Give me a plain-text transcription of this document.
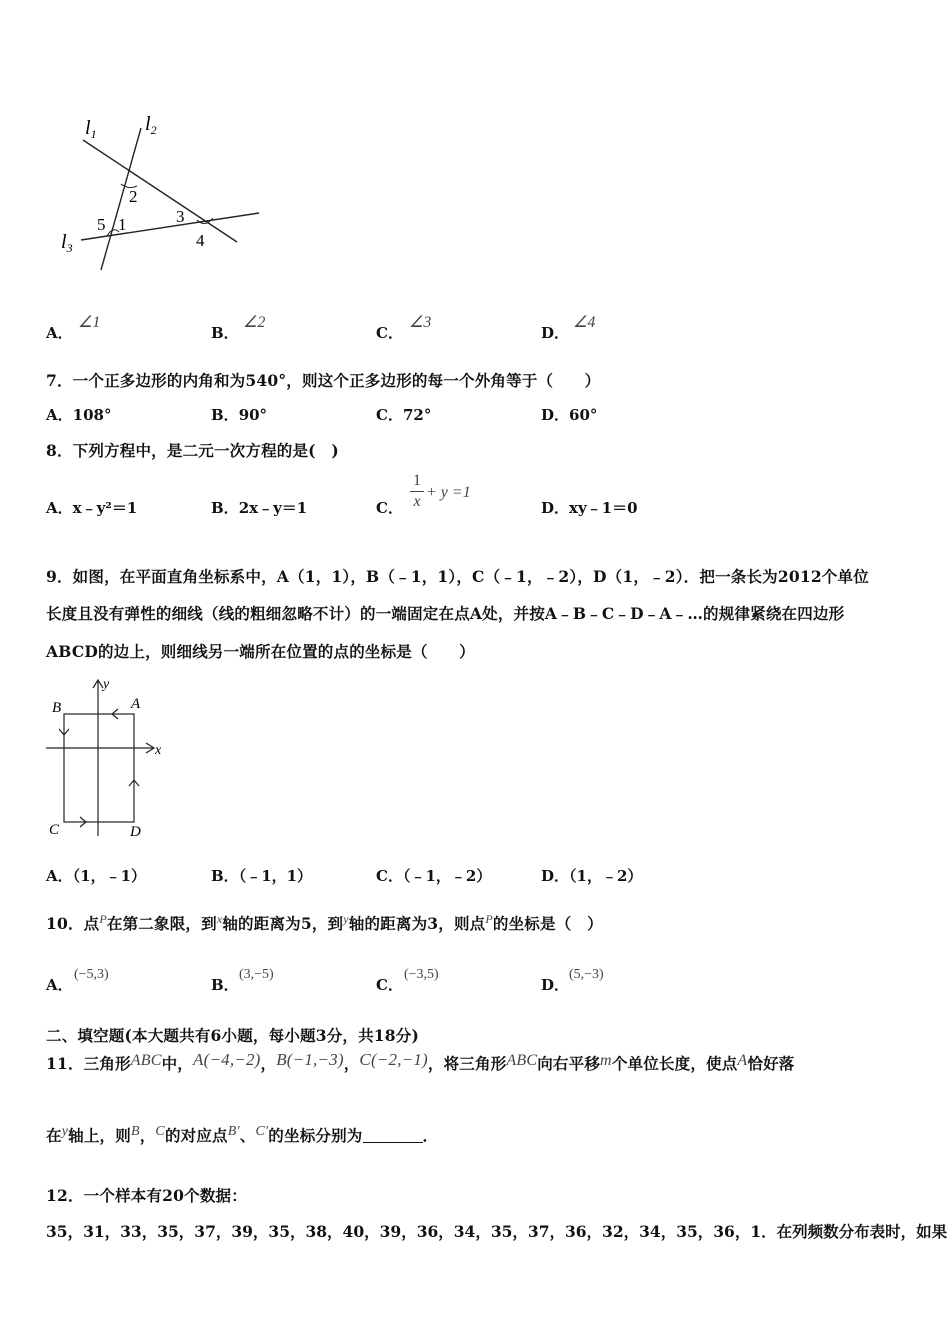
$l_1$ $l_2$
$l_3$
2
5 1	3
4
A．
∠1
B．
∠2
C．
∠3
D．
∠4
7．一个正多边形的内角和为540°，则这个正多边形的每一个外角等于（　　）
A．108°	B．90°	C．72°	D．60°
8．下列方程中，是二元一次方程的是(　)
A．x﹣y²＝1	B．2x﹣y＝1	C．
1
x
+ y =1
D．xy﹣1＝0
9．如图，在平面直角坐标系中，A（1，1），B（﹣1，1），C（﹣1，﹣2），D（1，﹣2）．把一条长为2012个单位
长度且没有弹性的细线（线的粗细忽略不计）的一端固定在点A处，并按A﹣B﹣C﹣D﹣A﹣…的规律紧绕在四边形
ABCD的边上，则细线另一端所在位置的点的坐标是（　　）
B	A
C	D
x
y
A．（1，﹣1）	B．（﹣1，1）	C．（﹣1，﹣2）	D．（1，﹣2）
10．点$^P$在第二象限，到$^x$轴的距离为5，到$^y$轴的距离为3，则点$^P$的坐标是（　）
A．
(−5,3)
B．
(3,−5)
C．
(−3,5)
D．
(5,−3)
二、填空题(本大题共有6小题，每小题3分，共18分)
11．三角形ABC中，A(−4,−2)，B(−1,−3)，C(−2,−1)，将三角形ABC向右平移m个单位长度，使点A恰好落
在$^y$轴上，则$^B$，$^C$的对应点$^{B'}$、$^{C'}$的坐标分别为	．
12．一个样本有20个数据：
35，31，33，35，37，39，35，38，40，39，36，34，35，37，36，32，34，35，36，1．在列频数分布表时，如果
